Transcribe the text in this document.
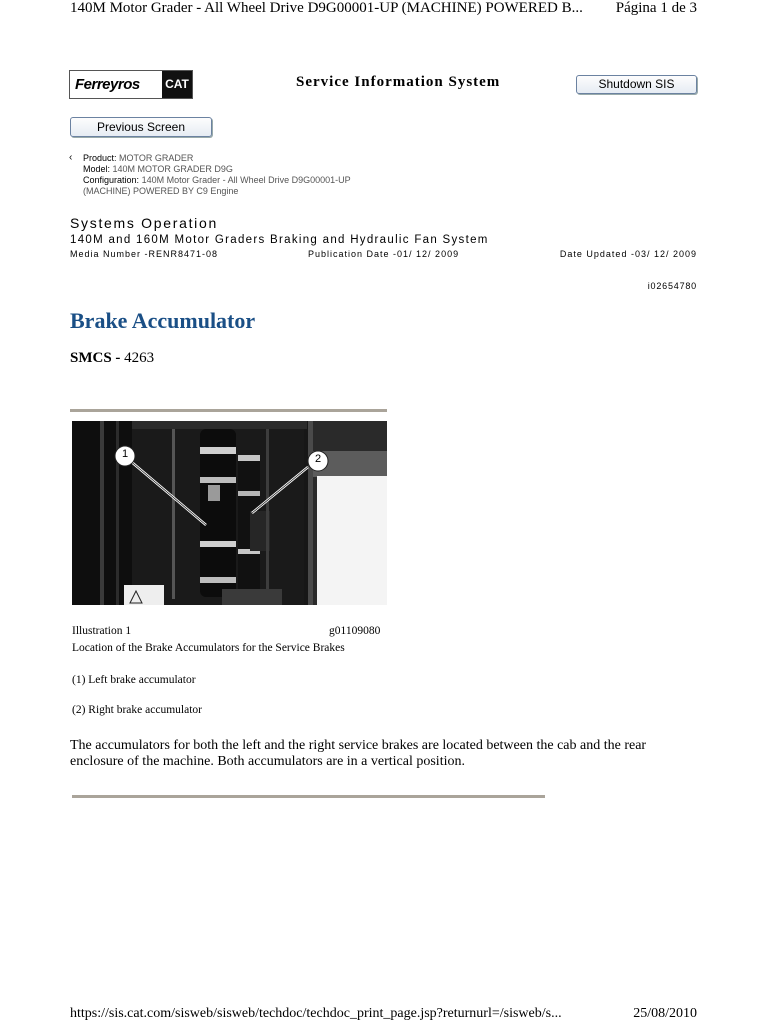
140M Motor Grader - All Wheel Drive D9G00001-UP (MACHINE) POWERED B... Página 1 de 3
Ferreyros CAT	Service Information System	Shutdown SIS
Previous Screen
‹ Product: MOTOR GRADER
Model: 140M MOTOR GRADER D9G
Configuration: 140M Motor Grader - All Wheel Drive D9G00001-UP
(MACHINE) POWERED BY C9 Engine
Systems Operation
140M and 160M Motor Graders Braking and Hydraulic Fan System
Media Number -RENR8471-08	Publication Date -01/ 12/ 2009	Date Updated -03/ 12/ 2009
i02654780
Brake Accumulator
SMCS - 4263
1	2
Illustration 1	g01109080
Location of the Brake Accumulators for the Service Brakes
(1) Left brake accumulator
(2) Right brake accumulator
The accumulators for both the left and the right service brakes are located between the cab and the rear enclosure of the machine. Both accumulators are in a vertical position.
https://sis.cat.com/sisweb/sisweb/techdoc/techdoc_print_page.jsp?returnurl=/sisweb/s...	25/08/2010
